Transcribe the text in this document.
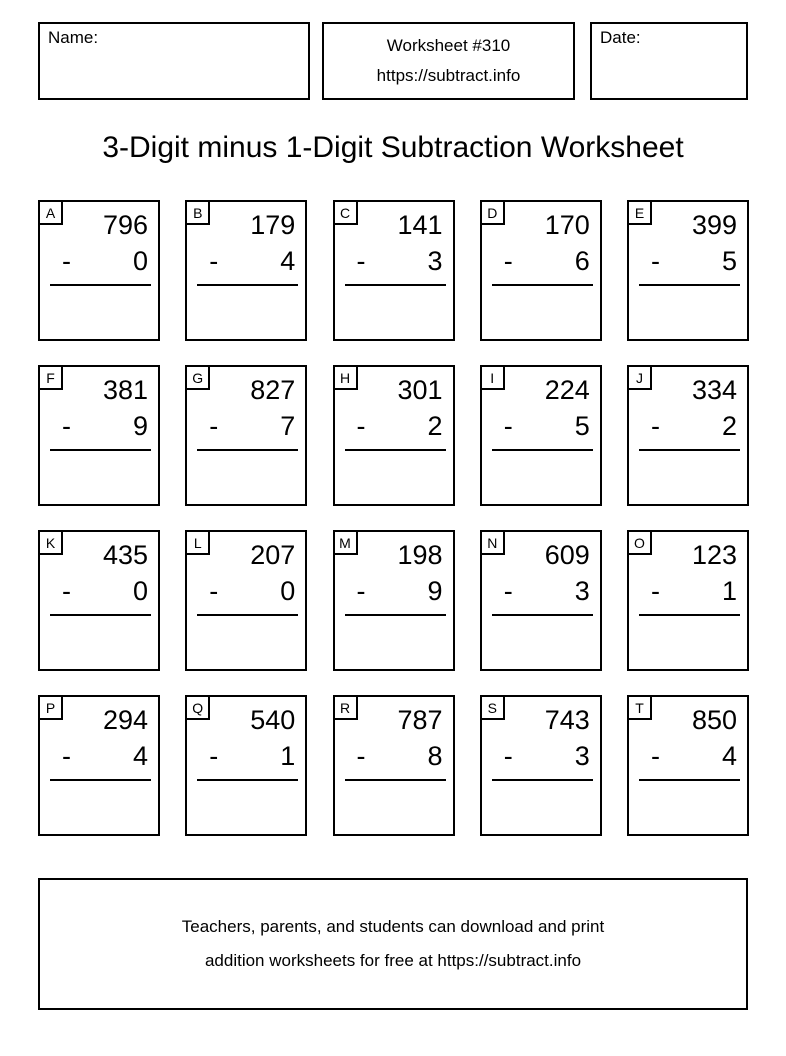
Name:	Worksheet #310
https://subtract.info
Date:
3-Digit minus 1-Digit Subtraction Worksheet
A	796
- 0
B	179
- 4
C	141
- 3
D	170
- 6
E	399
- 5
F	381
- 9
G	827
- 7
H	301
- 2
I	224
- 5
J	334
- 2
K	435
- 0
L	207
- 0
M	198
- 9
N	609
- 3
O	123
- 1
P	294
- 4
Q	540
- 1
R	787
- 8
S	743
- 3
T	850
- 4
Teachers, parents, and students can download and print
addition worksheets for free at https://subtract.info
